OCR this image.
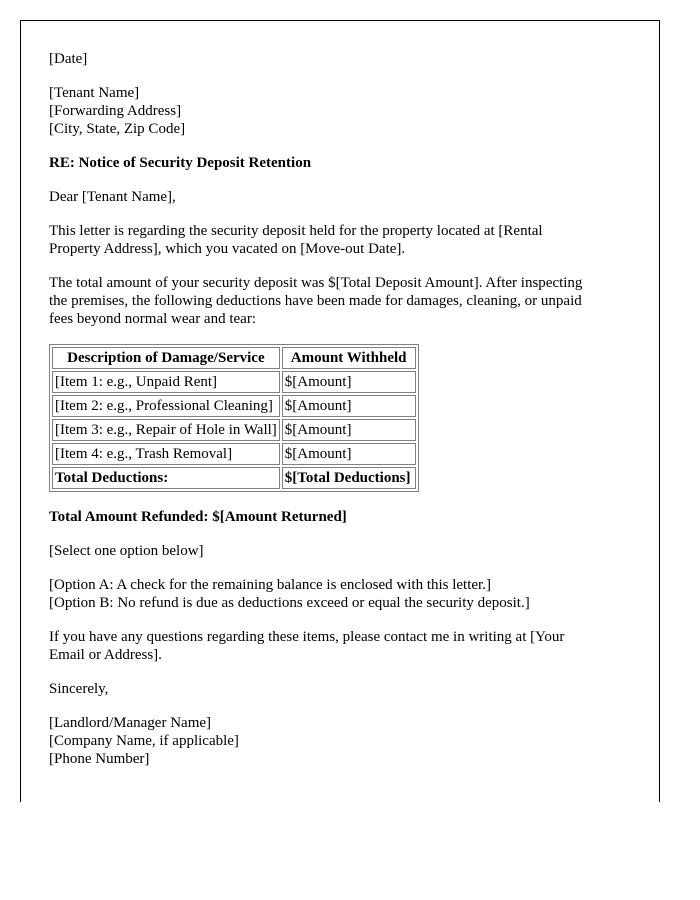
[Date]
[Tenant Name]
[Forwarding Address]
[City, State, Zip Code]
RE: Notice of Security Deposit Retention
Dear [Tenant Name],
This letter is regarding the security deposit held for the property located at [Rental
Property Address], which you vacated on [Move-out Date].
The total amount of your security deposit was $[Total Deposit Amount]. After inspecting
the premises, the following deductions have been made for damages, cleaning, or unpaid
fees beyond normal wear and tear:
Description of Damage/Service	Amount Withheld
[Item 1: e.g., Unpaid Rent]	$[Amount]
[Item 2: e.g., Professional Cleaning]	$[Amount]
[Item 3: e.g., Repair of Hole in Wall]	$[Amount]
[Item 4: e.g., Trash Removal]	$[Amount]
Total Deductions:	$[Total Deductions]
Total Amount Refunded: $[Amount Returned]
[Select one option below]
[Option A: A check for the remaining balance is enclosed with this letter.]
[Option B: No refund is due as deductions exceed or equal the security deposit.]
If you have any questions regarding these items, please contact me in writing at [Your
Email or Address].
Sincerely,
[Landlord/Manager Name]
[Company Name, if applicable]
[Phone Number]
